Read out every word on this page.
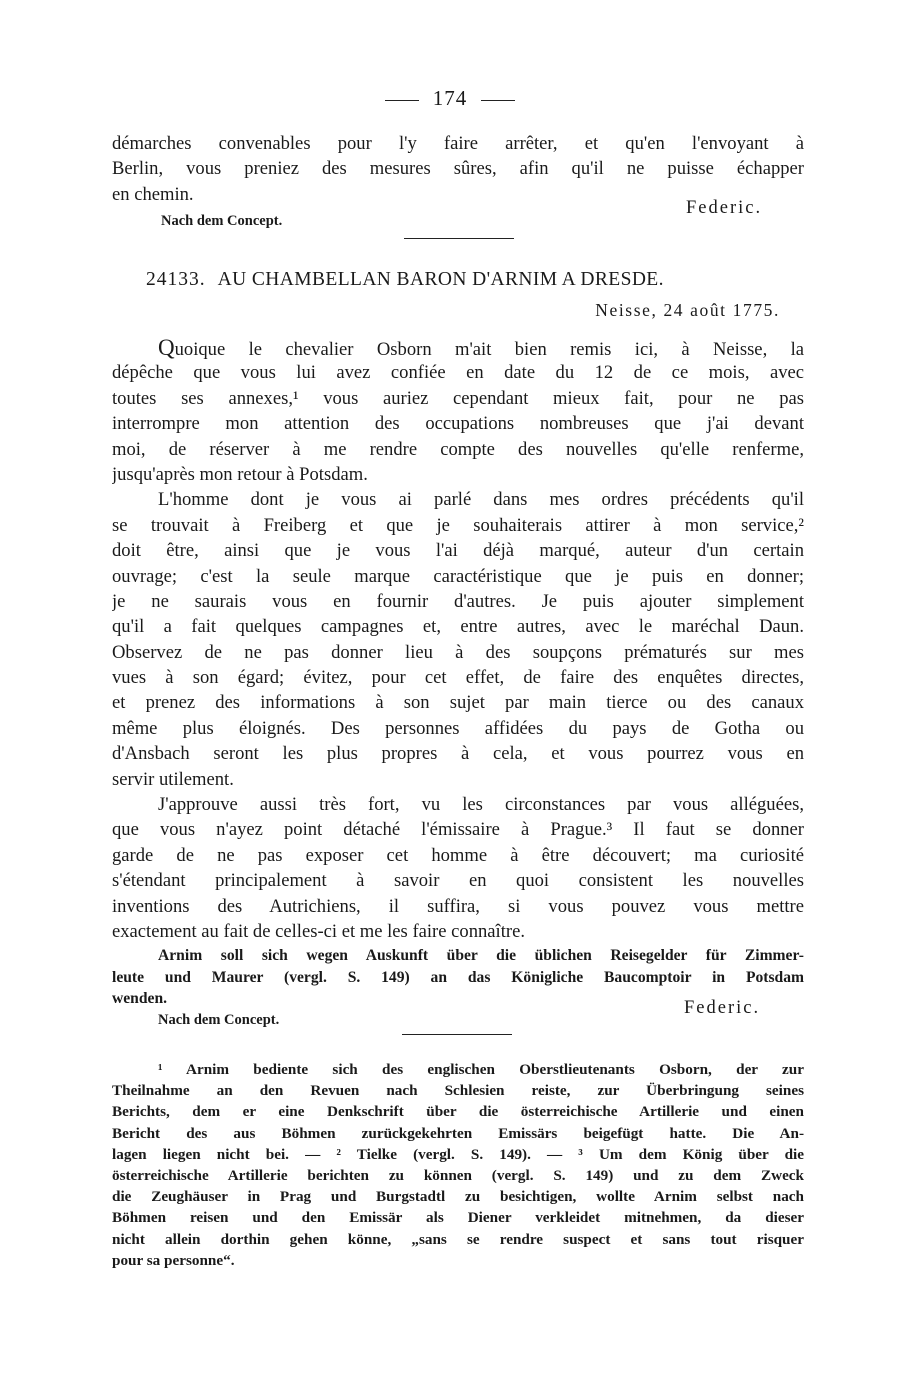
174
démarches convenables pour l'y faire arrêter, et qu'en l'envoyant à
Berlin, vous preniez des mesures sûres, afin qu'il ne puisse échapper
en chemin.
Federic.
Nach dem Concept.
24133. AU CHAMBELLAN BARON D'ARNIM A DRESDE.
Neisse, 24 août 1775.
Quoique le chevalier Osborn m'ait bien remis ici, à Neisse, la
dépêche que vous lui avez confiée en date du 12 de ce mois, avec
toutes ses annexes,¹ vous auriez cependant mieux fait, pour ne pas
interrompre mon attention des occupations nombreuses que j'ai devant
moi, de réserver à me rendre compte des nouvelles qu'elle renferme,
jusqu'après mon retour à Potsdam.
L'homme dont je vous ai parlé dans mes ordres précédents qu'il
se trouvait à Freiberg et que je souhaiterais attirer à mon service,²
doit être, ainsi que je vous l'ai déjà marqué, auteur d'un certain
ouvrage; c'est la seule marque caractéristique que je puis en donner;
je ne saurais vous en fournir d'autres. Je puis ajouter simplement
qu'il a fait quelques campagnes et, entre autres, avec le maréchal Daun.
Observez de ne pas donner lieu à des soupçons prématurés sur mes
vues à son égard; évitez, pour cet effet, de faire des enquêtes directes,
et prenez des informations à son sujet par main tierce ou des canaux
même plus éloignés. Des personnes affidées du pays de Gotha ou
d'Ansbach seront les plus propres à cela, et vous pourrez vous en
servir utilement.
J'approuve aussi très fort, vu les circonstances par vous alléguées,
que vous n'ayez point détaché l'émissaire à Prague.³ Il faut se donner
garde de ne pas exposer cet homme à être découvert; ma curiosité
s'étendant principalement à savoir en quoi consistent les nouvelles
inventions des Autrichiens, il suffira, si vous pouvez vous mettre
exactement au fait de celles-ci et me les faire connaître.
Arnim soll sich wegen Auskunft über die üblichen Reisegelder für Zimmer-
leute und Maurer (vergl. S. 149) an das Königliche Baucomptoir in Potsdam
wenden.	Federic.
Nach dem Concept.
¹ Arnim bediente sich des englischen Oberstlieutenants Osborn, der zur
Theilnahme an den Revuen nach Schlesien reiste, zur Überbringung seines
Berichts, dem er eine Denkschrift über die österreichische Artillerie und einen
Bericht des aus Böhmen zurückgekehrten Emissärs beigefügt hatte. Die An-
lagen liegen nicht bei. — ² Tielke (vergl. S. 149). — ³ Um dem König über die
österreichische Artillerie berichten zu können (vergl. S. 149) und zu dem Zweck
die Zeughäuser in Prag und Burgstadtl zu besichtigen, wollte Arnim selbst nach
Böhmen reisen und den Emissär als Diener verkleidet mitnehmen, da dieser
nicht allein dorthin gehen könne, „sans se rendre suspect et sans tout risquer
pour sa personne“.
